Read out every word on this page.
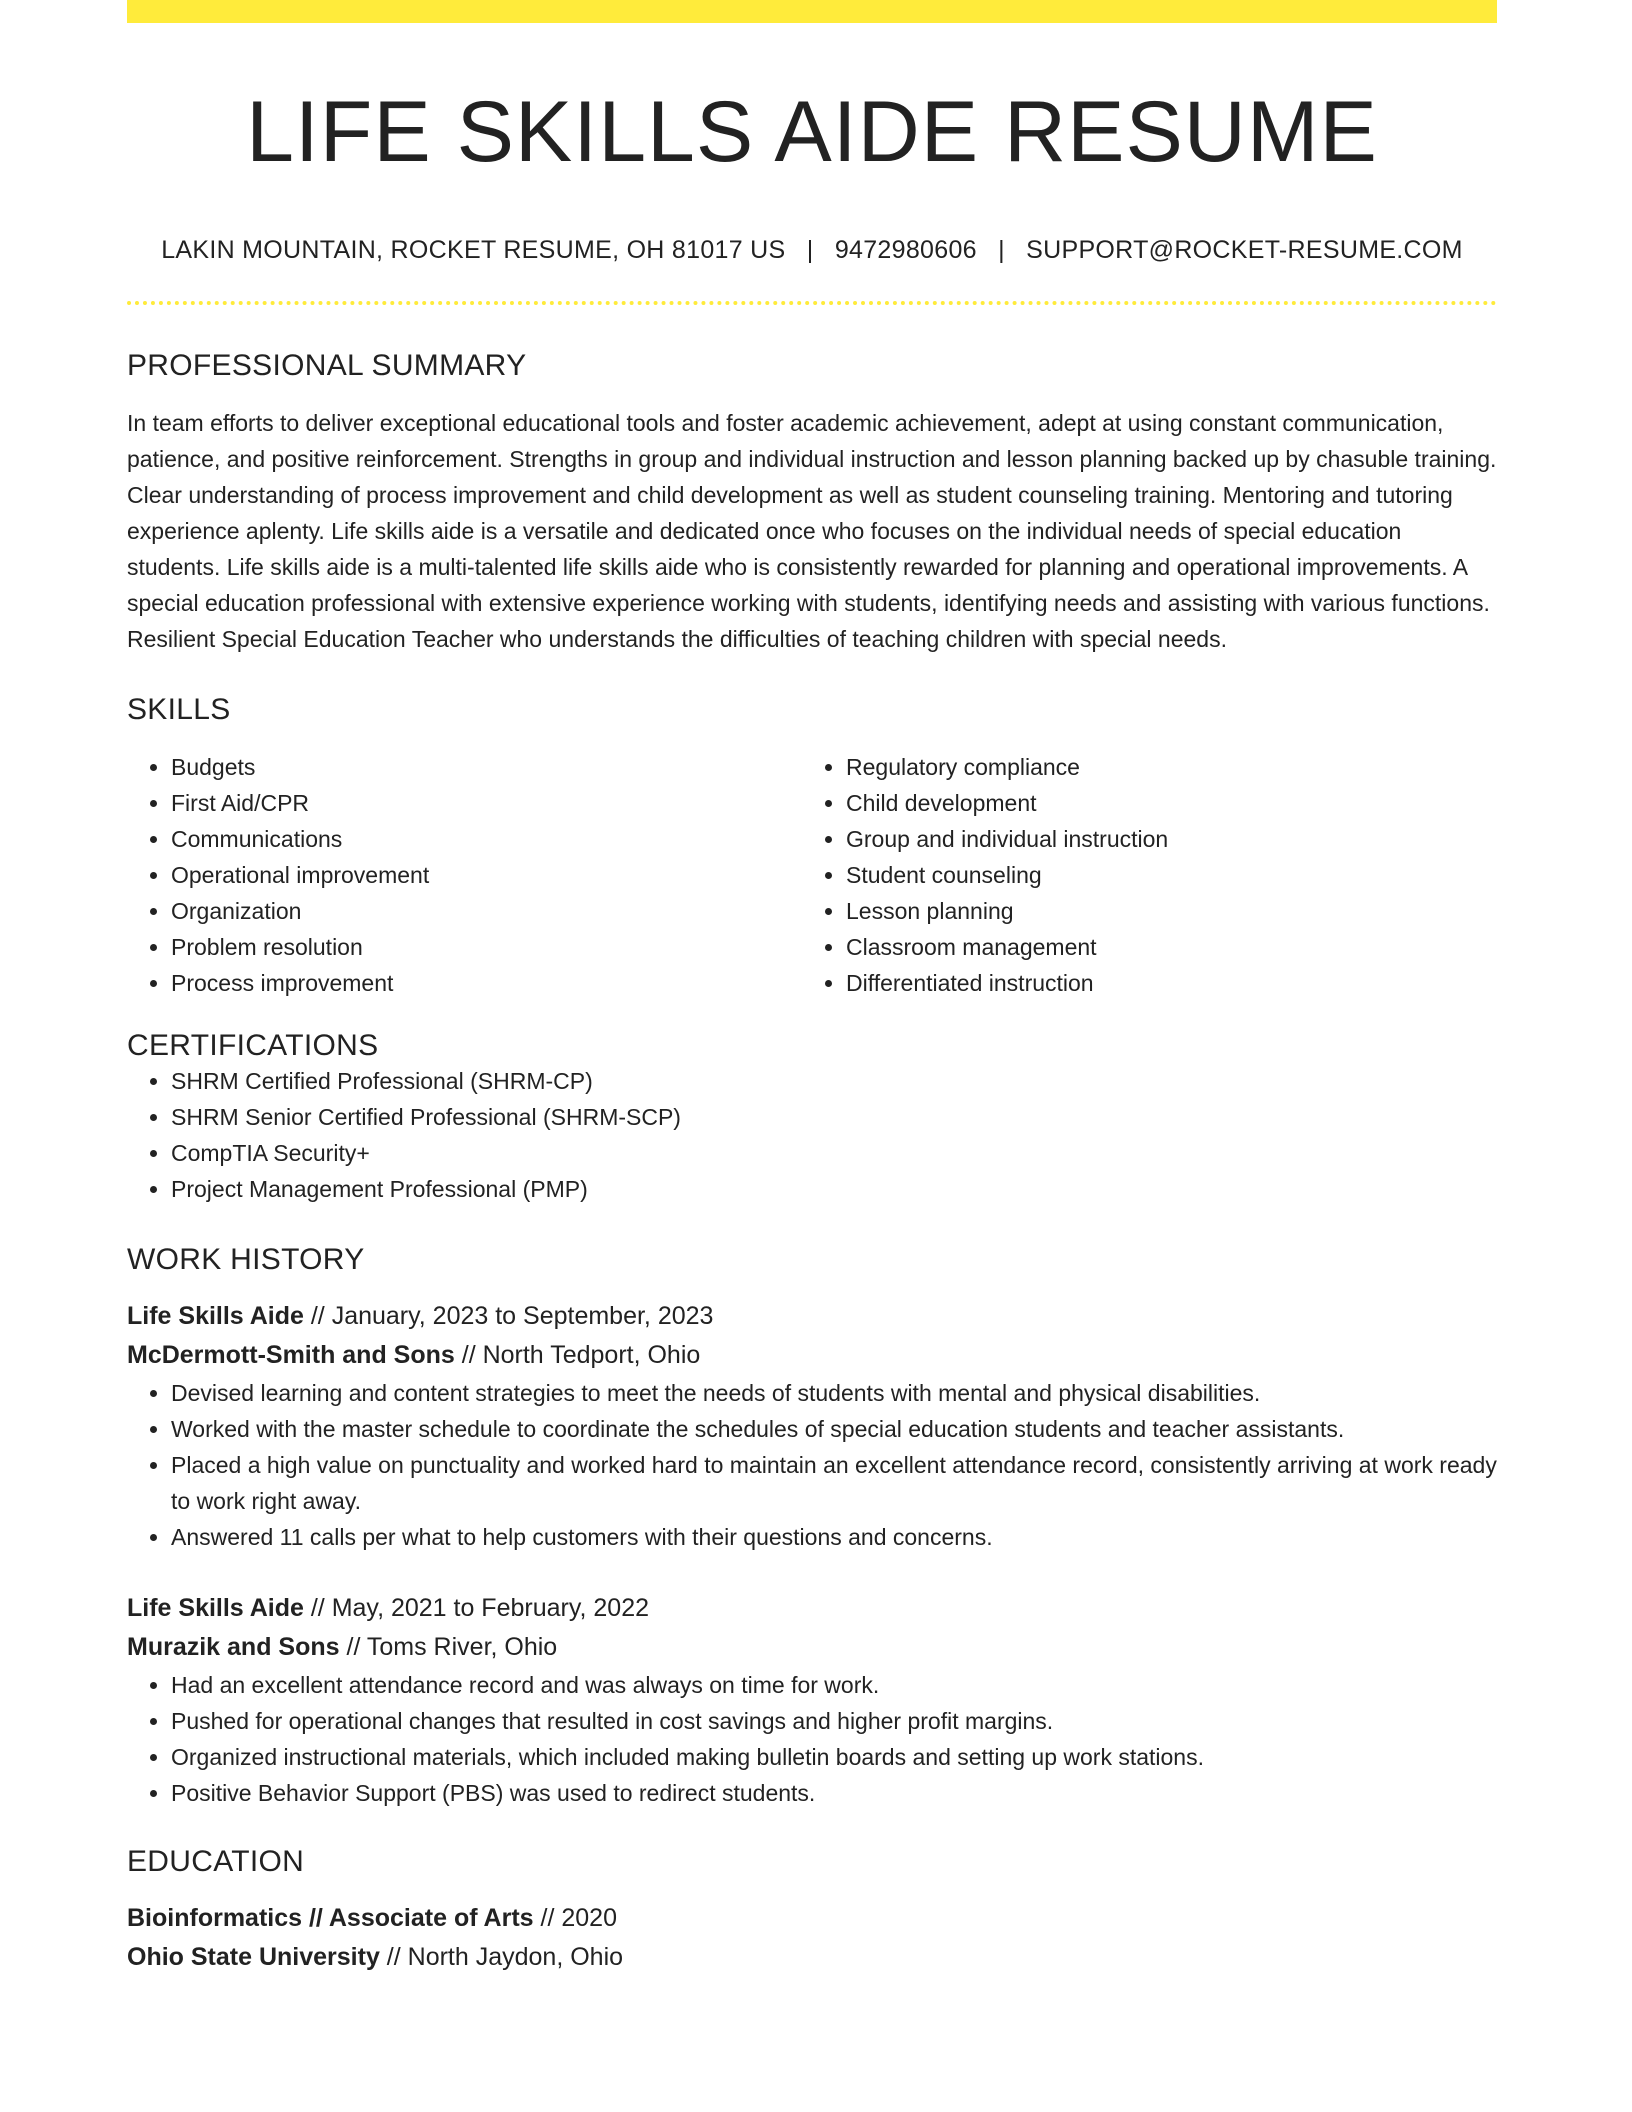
LIFE SKILLS AIDE RESUME
LAKIN MOUNTAIN, ROCKET RESUME, OH 81017 US | 9472980606 | SUPPORT@ROCKET-RESUME.COM
PROFESSIONAL SUMMARY
In team efforts to deliver exceptional educational tools and foster academic achievement, adept at using constant communication, patience, and positive reinforcement. Strengths in group and individual instruction and lesson planning backed up by chasuble training. Clear understanding of process improvement and child development as well as student counseling training. Mentoring and tutoring experience aplenty. Life skills aide is a versatile and dedicated once who focuses on the individual needs of special education students. Life skills aide is a multi-talented life skills aide who is consistently rewarded for planning and operational improvements. A special education professional with extensive experience working with students, identifying needs and assisting with various functions. Resilient Special Education Teacher who understands the difficulties of teaching children with special needs.
SKILLS
• Budgets
• First Aid/CPR
• Communications
• Operational improvement
• Organization
• Problem resolution
• Process improvement
• Regulatory compliance
• Child development
• Group and individual instruction
• Student counseling
• Lesson planning
• Classroom management
• Differentiated instruction
CERTIFICATIONS
• SHRM Certified Professional (SHRM-CP)
• SHRM Senior Certified Professional (SHRM-SCP)
• CompTIA Security+
• Project Management Professional (PMP)
WORK HISTORY
Life Skills Aide // January, 2023 to September, 2023
McDermott-Smith and Sons // North Tedport, Ohio
• Devised learning and content strategies to meet the needs of students with mental and physical disabilities.
• Worked with the master schedule to coordinate the schedules of special education students and teacher assistants.
• Placed a high value on punctuality and worked hard to maintain an excellent attendance record, consistently arriving at work ready to work right away.
• Answered 11 calls per what to help customers with their questions and concerns.
Life Skills Aide // May, 2021 to February, 2022
Murazik and Sons // Toms River, Ohio
• Had an excellent attendance record and was always on time for work.
• Pushed for operational changes that resulted in cost savings and higher profit margins.
• Organized instructional materials, which included making bulletin boards and setting up work stations.
• Positive Behavior Support (PBS) was used to redirect students.
EDUCATION
Bioinformatics // Associate of Arts // 2020
Ohio State University // North Jaydon, Ohio
